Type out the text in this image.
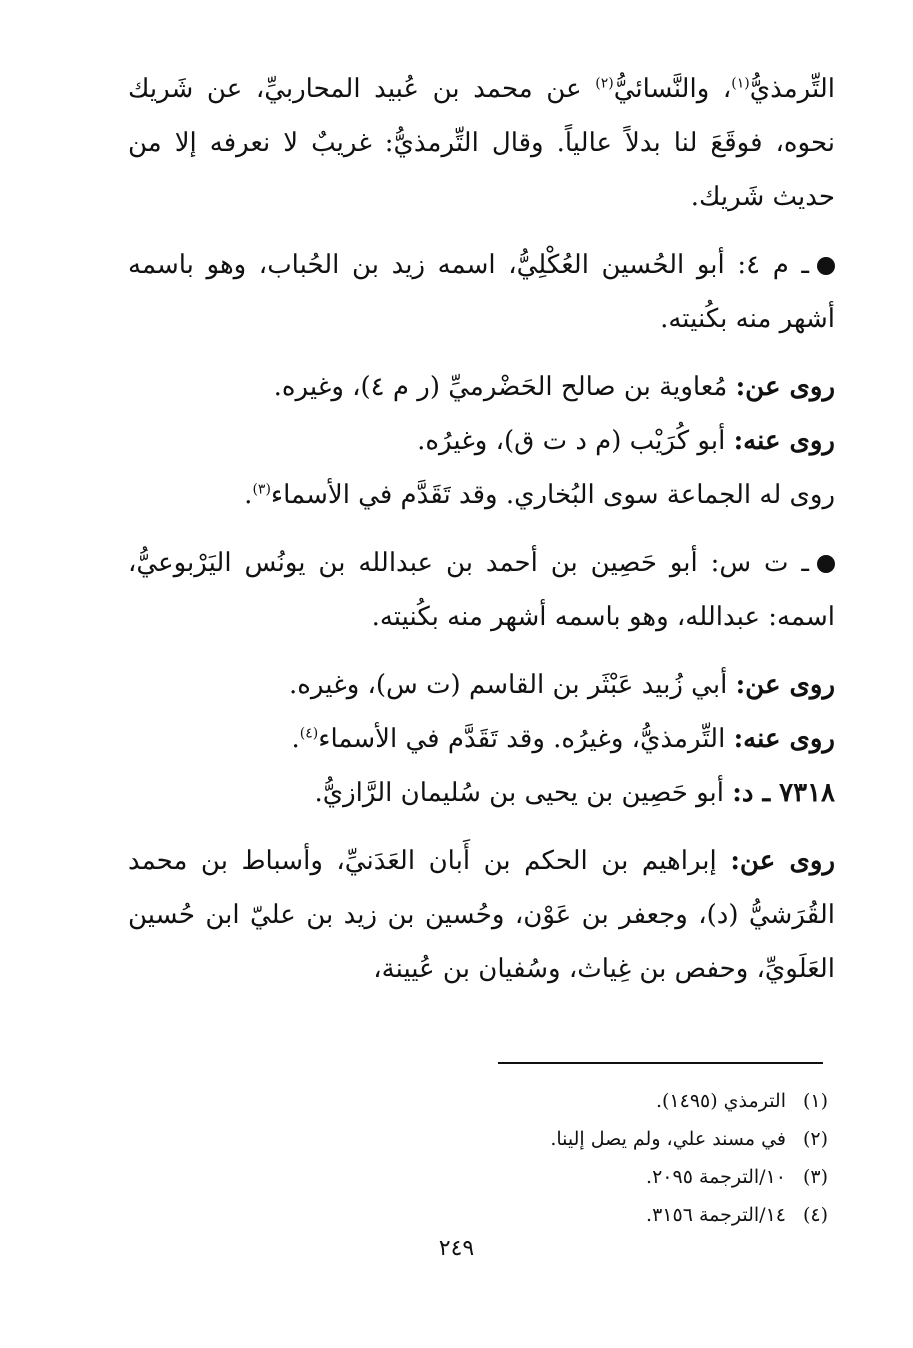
التِّرمذيُّ$^{(١)}$، والنَّسائيُّ$^{(٢)}$ عن محمد بن عُبيد المحاربيِّ، عن شَريك نحوه، فوقَعَ لنا بدلاً عالياً. وقال التِّرمذيُّ: غريبٌ لا نعرفه إلا من حديث شَريك.

ـ م ٤: أبو الحُسين العُكْلِيُّ، اسمه زيد بن الحُباب، وهو باسمه أشهر منه بكُنيته.

روى عن: مُعاوية بن صالح الحَضْرميِّ (ر م ٤)، وغيره.

روى عنه: أبو كُرَيْب (م د ت ق)، وغيرُه.

روى له الجماعة سوى البُخاري. وقد تَقَدَّم في الأسماء$^{(٣)}$.

ـ ت س: أبو حَصِين بن أحمد بن عبدالله بن يونُس اليَرْبوعيُّ، اسمه: عبدالله، وهو باسمه أشهر منه بكُنيته.

روى عن: أبي زُبيد عَبْثَر بن القاسم (ت س)، وغيره.

روى عنه: التِّرمذيُّ، وغيرُه. وقد تَقَدَّم في الأسماء$^{(٤)}$.

٧٣١٨ ـ د: أبو حَصِين بن يحيى بن سُليمان الرَّازيُّ.

روى عن: إبراهيم بن الحكم بن أَبان العَدَنيِّ، وأسباط بن محمد القُرَشيُّ (د)، وجعفر بن عَوْن، وحُسين بن زيد بن عليّ ابن حُسين العَلَويِّ، وحفص بن غِياث، وسُفيان بن عُيينة،

(١)الترمذي (١٤٩٥).
(٢)في مسند علي، ولم يصل إلينا.
(٣)١٠/الترجمة ٢٠٩٥.
(٤)١٤/الترجمة ٣١٥٦.
٢٤٩
